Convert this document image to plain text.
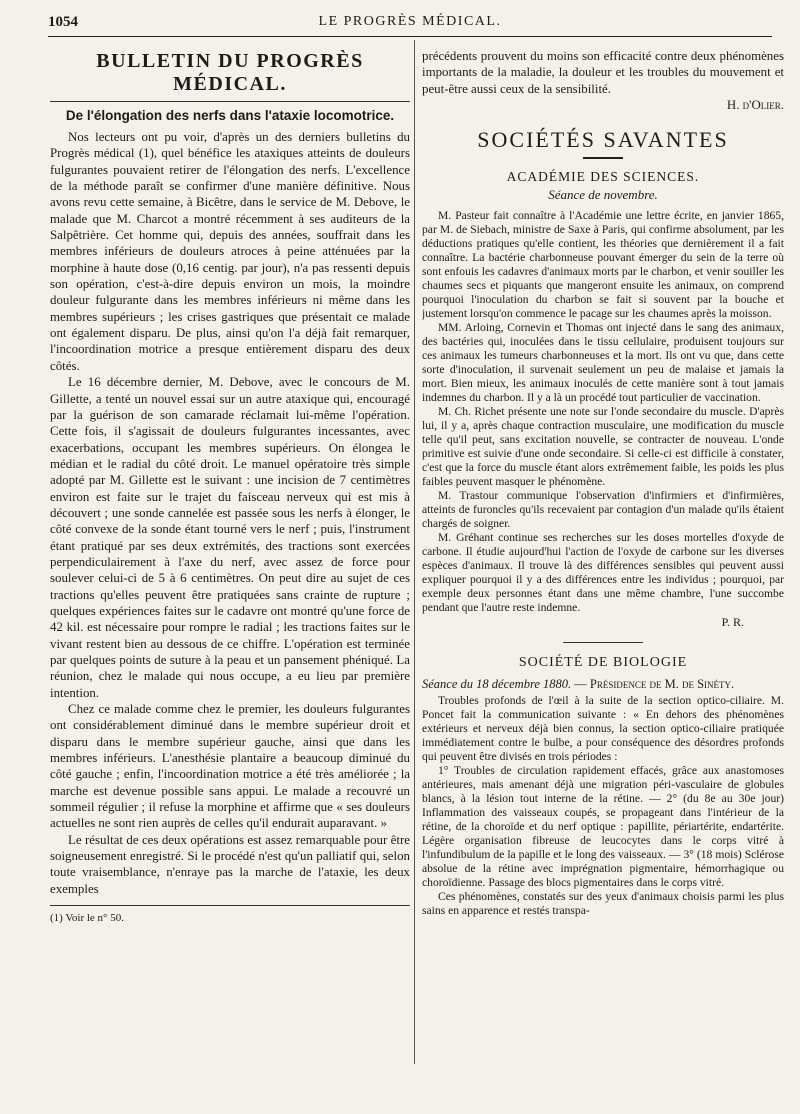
1054	LE PROGRÈS MÉDICAL.
BULLETIN DU PROGRÈS MÉDICAL.
De l'élongation des nerfs dans l'ataxie locomotrice.

Nos lecteurs ont pu voir, d'après un des derniers bulletins du Progrès médical (1), quel bénéfice les ataxiques atteints de douleurs fulgurantes pouvaient retirer de l'élongation des nerfs. L'excellence de la méthode paraît se confirmer d'une manière définitive. Nous avons revu cette semaine, à Bicêtre, dans le service de M. Debove, le malade que M. Charcot a montré récemment à ses auditeurs de la Salpêtrière. Cet homme qui, depuis des années, souffrait dans les membres inférieurs de douleurs atroces à peine atténuées par la morphine à haute dose (0,16 centig. par jour), n'a pas ressenti depuis son opération, c'est-à-dire depuis environ un mois, la moindre douleur fulgurante dans les membres inférieurs ni même dans les membres supérieurs ; les crises gastriques que présentait ce malade ont également disparu. De plus, ainsi qu'on l'a déjà fait remarquer, l'incoordination motrice a presque entièrement disparu des deux côtés.

Le 16 décembre dernier, M. Debove, avec le concours de M. Gillette, a tenté un nouvel essai sur un autre ataxique qui, encouragé par la guérison de son camarade réclamait lui-même l'opération. Cette fois, il s'agissait de douleurs fulgurantes incessantes, avec exacerbations, occupant les membres supérieurs. On élongea le médian et le radial du côté droit. Le manuel opératoire très simple adopté par M. Gillette est le suivant : une incision de 7 centimètres environ est faite sur le trajet du faisceau nerveux qui est mis à découvert ; une sonde cannelée est passée sous les nerfs à élonger, le côté convexe de la sonde étant tourné vers le nerf ; puis, l'instrument étant pratiqué par ses deux extrémités, des tractions sont exercées perpendiculairement à l'axe du nerf, avec assez de force pour soulever celui-ci de 5 à 6 centimètres. On peut dire au sujet de ces tractions qu'elles peuvent être pratiquées sans crainte de rupture ; quelques expériences faites sur le cadavre ont montré qu'une force de 42 kil. est nécessaire pour rompre le radial ; les tractions faites sur le vivant restent bien au dessous de ce chiffre. L'opération est terminée par quelques points de suture à la peau et un pansement phéniqué. La réunion, chez le malade qui nous occupe, a eu lieu par première intention.

Chez ce malade comme chez le premier, les douleurs fulgurantes ont considérablement diminué dans le membre supérieur droit et disparu dans le membre supérieur gauche, ainsi que dans les membres inférieurs. L'anesthésie plantaire a beaucoup diminué du côté gauche ; enfin, l'incoordination motrice a été très améliorée ; la marche est devenue possible sans appui. Le malade a recouvré un sommeil régulier ; il refuse la morphine et affirme que « ses douleurs actuelles ne sont rien auprès de celles qu'il endurait auparavant. »

Le résultat de ces deux opérations est assez remarquable pour être soigneusement enregistré. Si le procédé n'est qu'un palliatif qui, selon toute vraisemblance, n'enraye pas la marche de l'ataxie, les deux exemples

(1) Voir le n° 50.

précédents prouvent du moins son efficacité contre deux phénomènes importants de la maladie, la douleur et les troubles du mouvement et peut-être aussi ceux de la sensibilité.
H. d'Olier.

SOCIÉTÉS SAVANTES
ACADÉMIE DES SCIENCES.
Séance de novembre.

M. Pasteur fait connaître à l'Académie une lettre écrite, en janvier 1865, par M. de Siebach, ministre de Saxe à Paris, qui confirme absolument, par les déductions pratiques qu'elle contient, les théories que dernièrement il a fait connaître. La bactérie charbonneuse pouvant émerger du sein de la terre où sont enfouis les cadavres d'animaux morts par le charbon, et venir souiller les chaumes secs et piquants que mangeront ensuite les animaux, on comprend pourquoi l'inoculation du charbon se fait si souvent par la bouche et justement lorsqu'on commence le pacage sur les chaumes après la moisson.

MM. Arloing, Cornevin et Thomas ont injecté dans le sang des animaux, des bactéries qui, inoculées dans le tissu cellulaire, produisent toujours sur ces animaux les tumeurs charbonneuses et la mort. Ils ont vu que, dans cette sorte d'inoculation, il survenait seulement un peu de malaise et jamais la mort. Bien mieux, les animaux inoculés de cette manière sont à tout jamais indemnes du charbon. Il y a là un procédé tout particulier de vaccination.

M. Ch. Richet présente une note sur l'onde secondaire du muscle. D'après lui, il y a, après chaque contraction musculaire, une modification du muscle telle qu'il peut, sans excitation nouvelle, se contracter de nouveau. L'onde primitive est suivie d'une onde secondaire. Si celle-ci est difficile à constater, c'est que la force du muscle étant alors extrêmement faible, les poids les plus faibles peuvent masquer le phénomène.

M. Trastour communique l'observation d'infirmiers et d'infirmières, atteints de furoncles qu'ils recevaient par contagion d'un malade qu'ils étaient chargés de soigner.

M. Gréhant continue ses recherches sur les doses mortelles d'oxyde de carbone. Il étudie aujourd'hui l'action de l'oxyde de carbone sur les diverses espèces d'animaux. Il trouve là des différences sensibles qui peuvent aussi expliquer pourquoi il y a des différences entre les individus ; pourquoi, par exemple deux personnes étant dans une même chambre, l'une succombe pendant que l'autre reste indemne.

P. R.
SOCIÉTÉ DE BIOLOGIE
Séance du 18 décembre 1880. — Présidence de M. de Sinéty.

Troubles profonds de l'œil à la suite de la section optico-ciliaire. M. Poncet fait la communication suivante : « En dehors des phénomènes extérieurs et nerveux déjà bien connus, la section optico-ciliaire pratiquée immédiatement contre le bulbe, a pour conséquence des désordres profonds qui peuvent être divisés en trois périodes :

1° Troubles de circulation rapidement effacés, grâce aux anastomoses antérieures, mais amenant déjà une migration péri-vasculaire de globules blancs, à la lésion tout interne de la rétine. — 2° (du 8e au 30e jour) Inflammation des vaisseaux coupés, se propageant dans l'intérieur de la rétine, de la choroïde et du nerf optique : papillite, périartérite, endartérite. Légère organisation fibreuse de leucocytes dans le corps vitré à l'infundibulum de la papille et le long des vaisseaux. — 3° (18 mois) Sclérose absolue de la rétine avec imprégnation pigmentaire, hémorrhagique ou choroïdienne. Passage des blocs pigmentaires dans le corps vitré.

Ces phénomènes, constatés sur des yeux d'animaux choisis parmi les plus sains en apparence et restés transpa-
